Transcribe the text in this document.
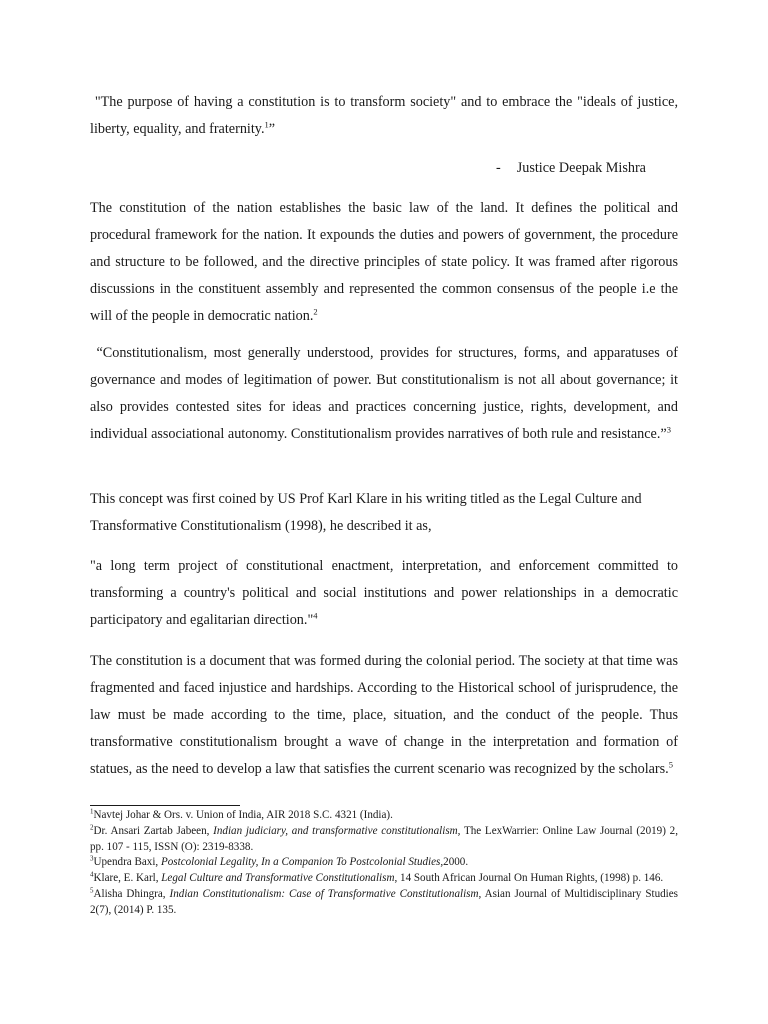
"The purpose of having a constitution is to transform society" and to embrace the "ideals of justice, liberty, equality, and fraternity.$^1$”

- Justice Deepak Mishra

The constitution of the nation establishes the basic law of the land. It defines the political and procedural framework for the nation. It expounds the duties and powers of government, the procedure and structure to be followed, and the directive principles of state policy. It was framed after rigorous discussions in the constituent assembly and represented the common consensus of the people i.e the will of the people in democratic nation.$^2$

“Constitutionalism, most generally understood, provides for structures, forms, and apparatuses of governance and modes of legitimation of power. But constitutionalism is not all about governance; it also provides contested sites for ideas and practices concerning justice, rights, development, and individual associational autonomy. Constitutionalism provides narratives of both rule and resistance.”$^3$

This concept was first coined by US Prof Karl Klare in his writing titled as the Legal Culture and Transformative Constitutionalism (1998), he described it as,

"a long term project of constitutional enactment, interpretation, and enforcement committed to transforming a country's political and social institutions and power relationships in a democratic participatory and egalitarian direction."$^4$

The constitution is a document that was formed during the colonial period. The society at that time was fragmented and faced injustice and hardships. According to the Historical school of jurisprudence, the law must be made according to the time, place, situation, and the conduct of the people. Thus transformative constitutionalism brought a wave of change in the interpretation and formation of statues, as the need to develop a law that satisfies the current scenario was recognized by the scholars.$^5$

$^1$Navtej Johar & Ors. v. Union of India, AIR 2018 S.C. 4321 (India).

$^2$Dr. Ansari Zartab Jabeen, Indian judiciary, and transformative constitutionalism, The LexWarrier: Online Law Journal (2019) 2, pp. 107 - 115, ISSN (O): 2319-8338.

$^3$Upendra Baxi, Postcolonial Legality, In a Companion To Postcolonial Studies,2000.

$^4$Klare, E. Karl, Legal Culture and Transformative Constitutionalism, 14 South African Journal On Human Rights, (1998) p. 146.

$^5$Alisha Dhingra, Indian Constitutionalism: Case of Transformative Constitutionalism, Asian Journal of Multidisciplinary Studies 2(7), (2014) P. 135.
